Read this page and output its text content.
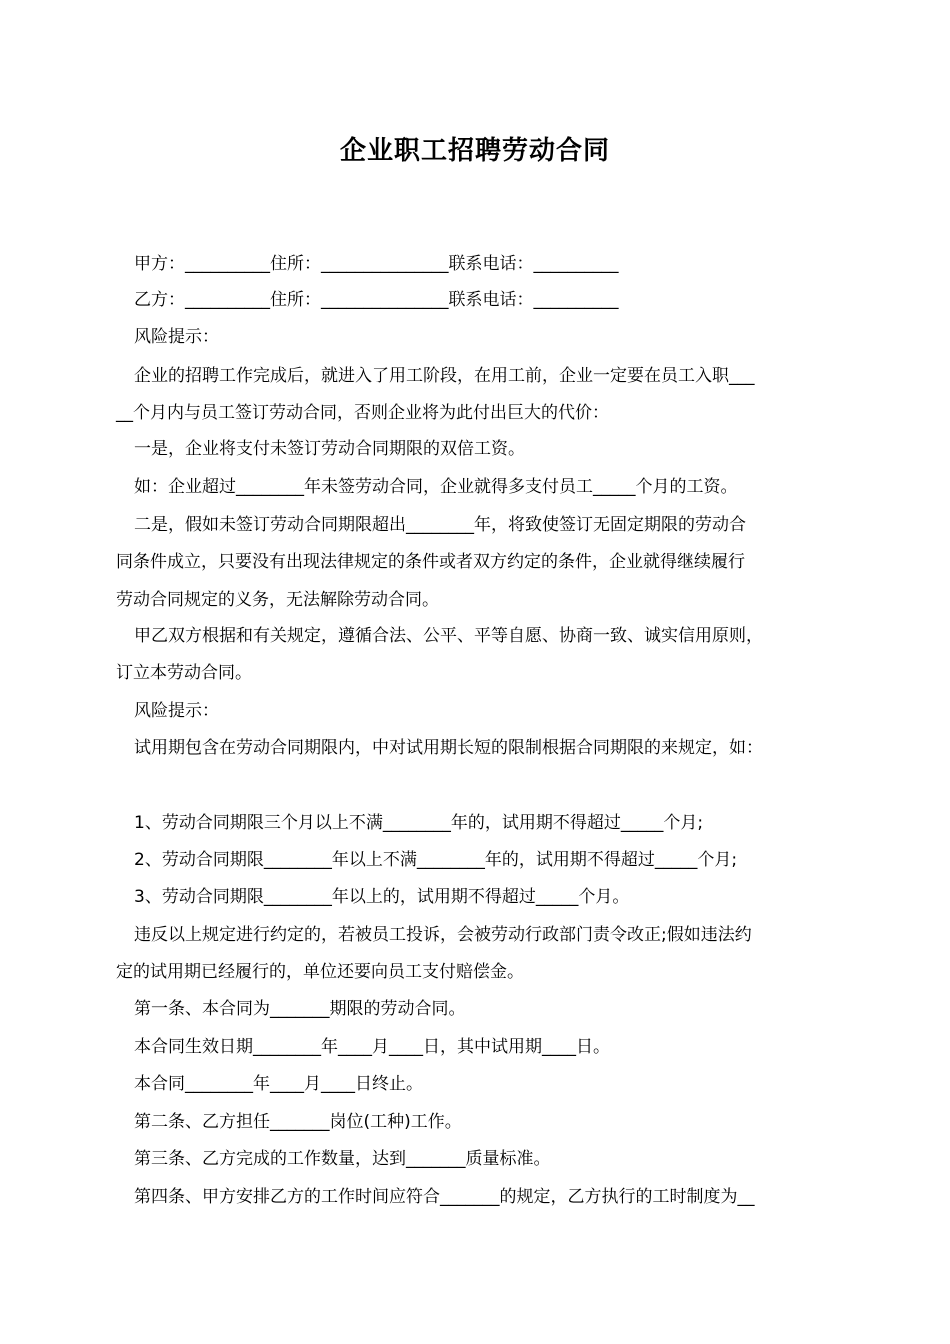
企业职工招聘劳动合同
甲方：__________住所：_______________联系电话：__________
乙方：__________住所：_______________联系电话：__________
风险提示：
企业的招聘工作完成后，就进入了用工阶段，在用工前，企业一定要在员工入职___
__个月内与员工签订劳动合同，否则企业将为此付出巨大的代价：
一是，企业将支付未签订劳动合同期限的双倍工资。
如：企业超过________年未签劳动合同，企业就得多支付员工_____个月的工资。
二是，假如未签订劳动合同期限超出________年，将致使签订无固定期限的劳动合
同条件成立，只要没有出现法律规定的条件或者双方约定的条件，企业就得继续履行
劳动合同规定的义务，无法解除劳动合同。
甲乙双方根据和有关规定，遵循合法、公平、平等自愿、协商一致、诚实信用原则，
订立本劳动合同。
风险提示：
试用期包含在劳动合同期限内，中对试用期长短的限制根据合同期限的来规定，如：
1、劳动合同期限三个月以上不满________年的，试用期不得超过_____个月;
2、劳动合同期限________年以上不满________年的，试用期不得超过_____个月;
3、劳动合同期限________年以上的，试用期不得超过_____个月。
违反以上规定进行约定的，若被员工投诉，会被劳动行政部门责令改正;假如违法约
定的试用期已经履行的，单位还要向员工支付赔偿金。
第一条、本合同为_______期限的劳动合同。
本合同生效日期________年____月____日，其中试用期____日。
本合同________年____月____日终止。
第二条、乙方担任_______岗位(工种)工作。
第三条、乙方完成的工作数量，达到_______质量标准。
第四条、甲方安排乙方的工作时间应符合_______的规定，乙方执行的工时制度为__
